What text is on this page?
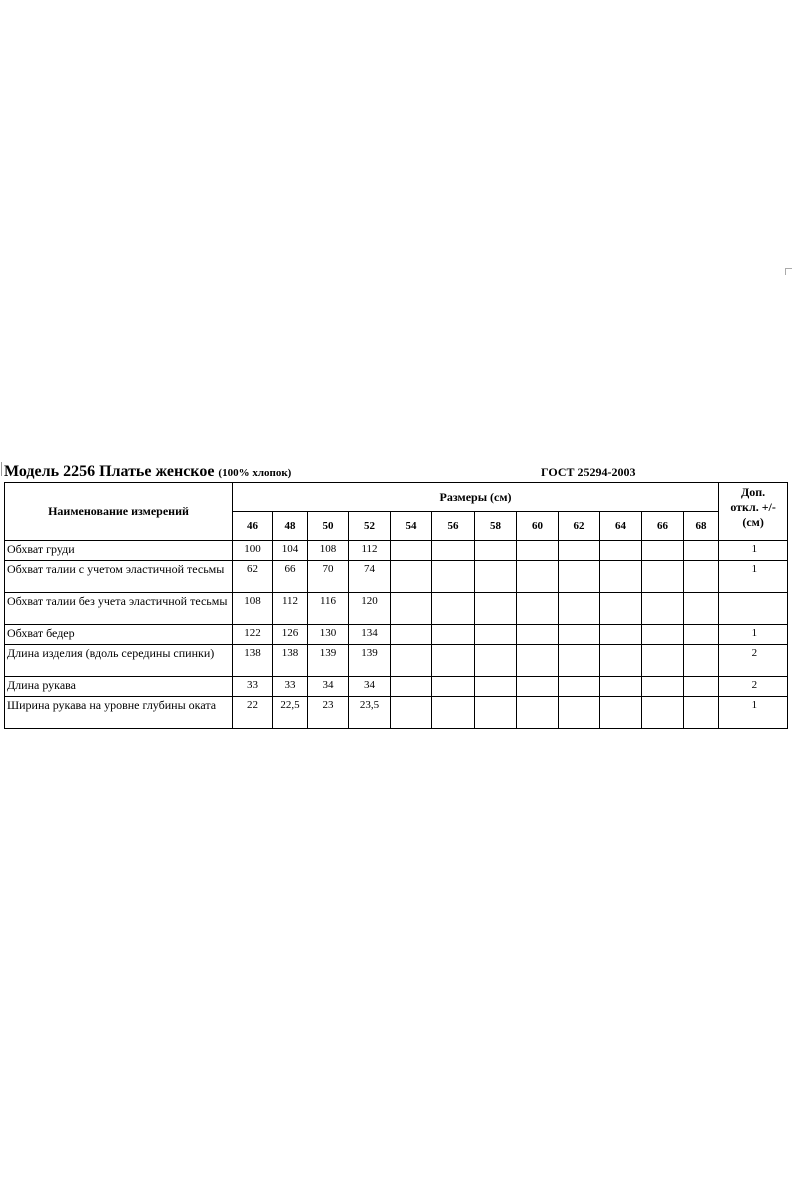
Модель 2256 Платье женское (100% хлопок)	ГОСТ 25294-2003
Наименование измерений	Размеры (см)												Доп.
откл. +/-
(см)

	46	48	50	52	54	56	58	60	62	64	66	68	
Обхват груди	100	104	108	112									1
Обхват талии с учетом эластичной тесьмы	62	66	70	74									1
Обхват талии без учета эластичной тесьмы	108	112	116	120									
Обхват бедер	122	126	130	134									1
Длина изделия (вдоль середины спинки)	138	138	139	139									2
Длина рукава	33	33	34	34									2
Ширина рукава на уровне глубины оката	22	22,5	23	23,5									1
